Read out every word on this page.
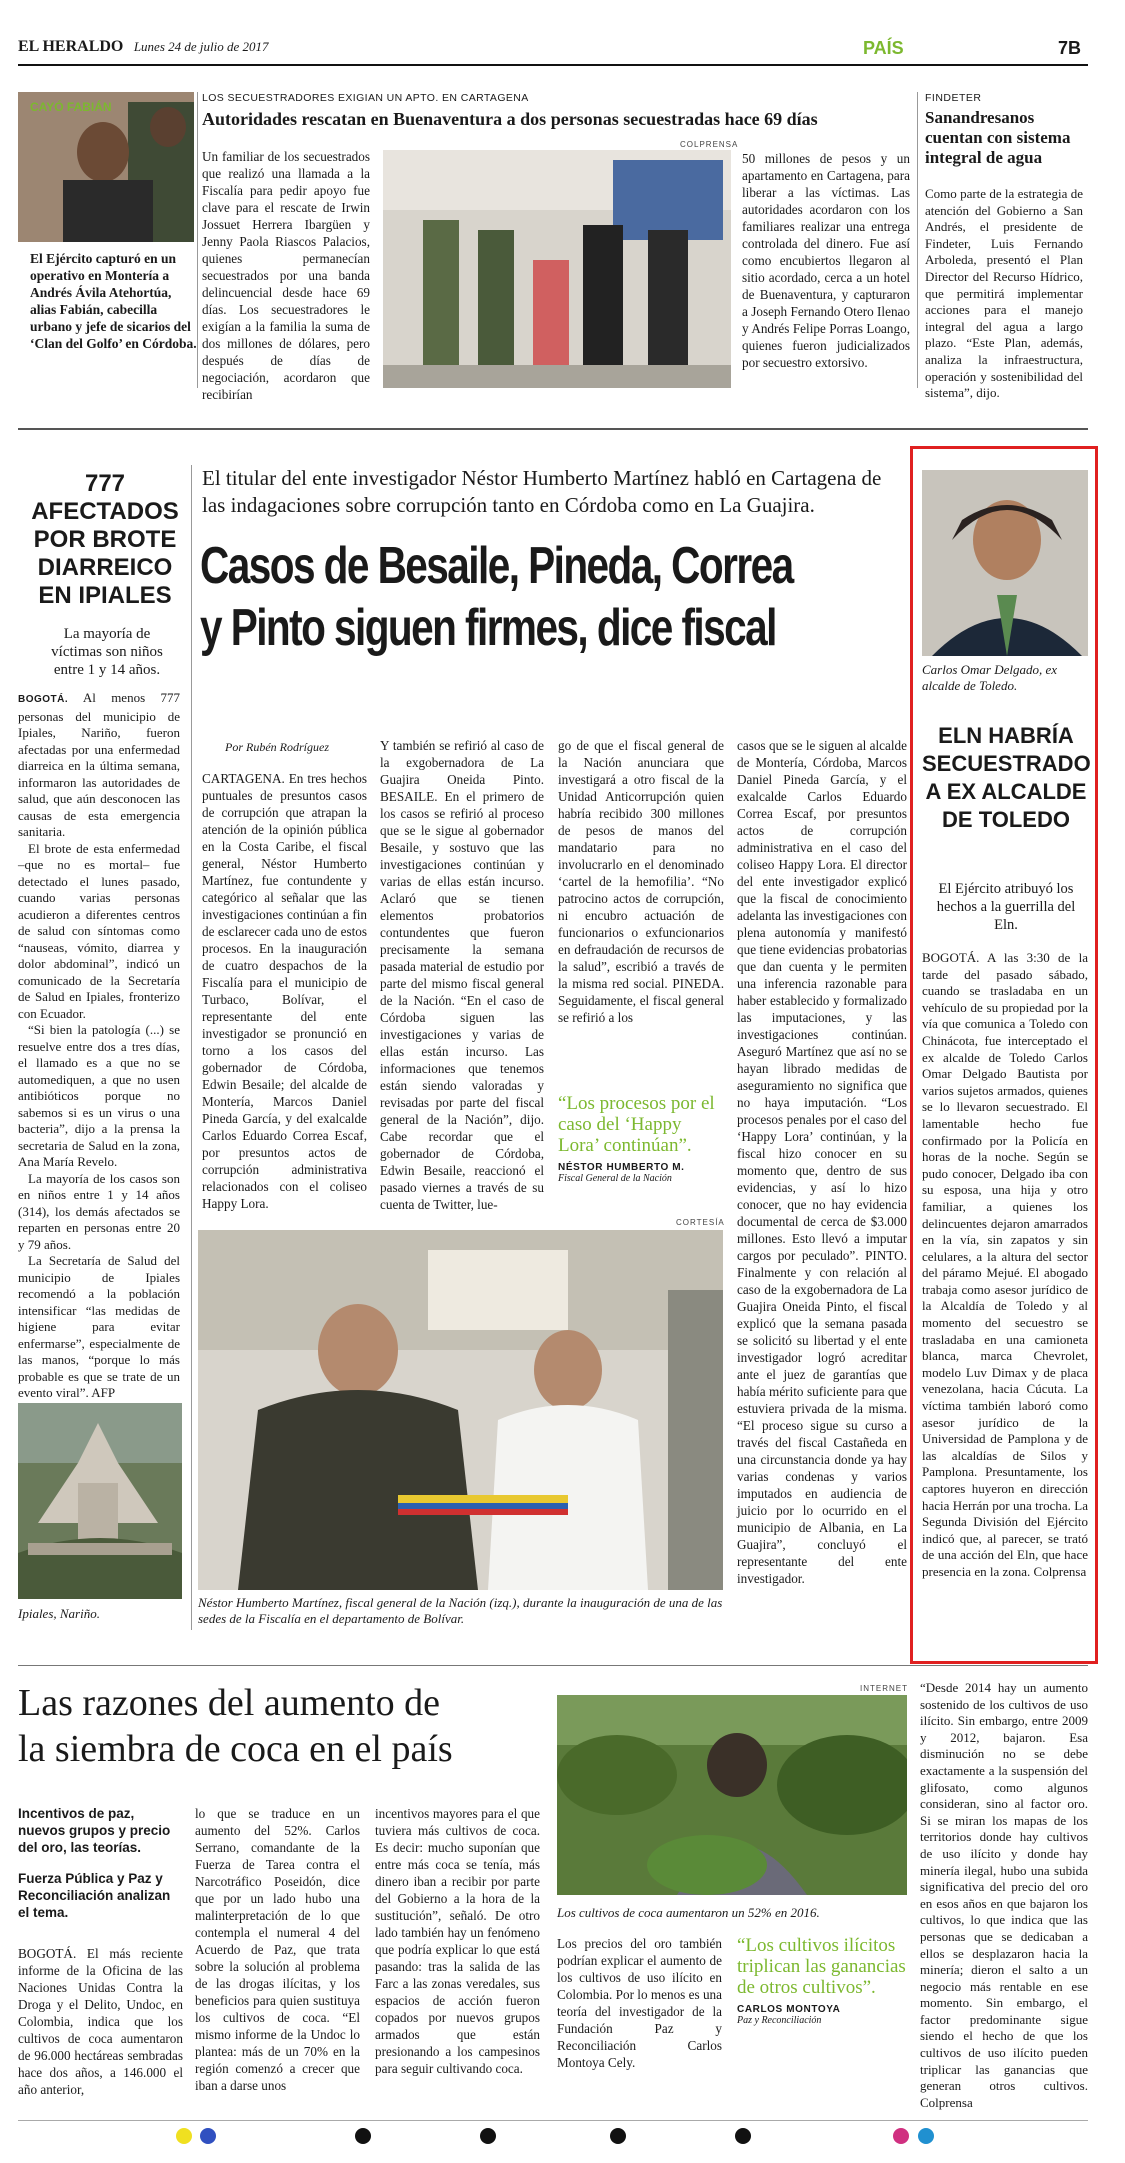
EL HERALDO Lunes 24 de julio de 2017	PAÍS	7B
CAYÓ FABIÁN
El Ejército capturó en un operativo en Montería a Andrés Ávila Atehortúa, alias Fabián, cabecilla urbano y jefe de sicarios del ‘Clan del Golfo’ en Córdoba.
LOS SECUESTRADORES EXIGIAN UN APTO. EN CARTAGENA
Autoridades rescatan en Buenaventura a dos personas secuestradas hace 69 días
Un familiar de los secuestrados que realizó una llamada a la Fiscalía para pedir apoyo fue clave para el rescate de Irwin Jossuet Herrera Ibargüen y Jenny Paola Riascos Palacios, quienes permanecían secuestrados por una banda delincuencial desde hace 69 días. Los secuestradores le exigían a la familia la suma de dos millones de dólares, pero después de días de negociación, acordaron que recibirían
COLPRENSA
50 millones de pesos y un apartamento en Cartagena, para liberar a las víctimas. Las autoridades acordaron con los familiares realizar una entrega controlada del dinero. Fue así como encubiertos llegaron al sitio acordado, cerca a un hotel de Buenaventura, y capturaron a Joseph Fernando Otero Ilenao y Andrés Felipe Porras Loango, quienes fueron judicializados por secuestro extorsivo.
FINDETER
Sanandresanos cuentan con sistema integral de agua
Como parte de la estrategia de atención del Gobierno a San Andrés, el presidente de Findeter, Luis Fernando Arboleda, presentó el Plan Director del Recurso Hídrico, que permitirá implementar acciones para el manejo integral del agua a largo plazo. “Este Plan, además, analiza la infraestructura, operación y sostenibilidad del sistema”, dijo.
777 AFECTADOS
POR BROTE
DIARREICO
EN IPIALES
La mayoría de víctimas son niños entre 1 y 14 años.

BOGOTÁ. Al menos 777 personas del municipio de Ipiales, Nariño, fueron afectadas por una enfermedad diarreica en la última semana, informaron las autoridades de salud, que aún desconocen las causas de esta emergencia sanitaria.

El brote de esta enfermedad –que no es mortal– fue detectado el lunes pasado, cuando varias personas acudieron a diferentes centros de salud con síntomas como “nauseas, vómito, diarrea y dolor abdominal”, indicó un comunicado de la Secretaría de Salud en Ipiales, fronterizo con Ecuador.

“Si bien la patología (...) se resuelve entre dos a tres días, el llamado es a que no se automediquen, a que no usen antibióticos porque no sabemos si es un virus o una bacteria”, dijo a la prensa la secretaria de Salud en la zona, Ana María Revelo.

La mayoría de los casos son en niños entre 1 y 14 años (314), los demás afectados se reparten en personas entre 20 y 79 años.

La Secretaría de Salud del municipio de Ipiales recomendó a la población intensificar “las medidas de higiene para evitar enfermarse”, especialmente de las manos, “porque lo más probable es que se trate de un evento viral”. AFP

Ipiales, Nariño.
El titular del ente investigador Néstor Humberto Martínez habló en Cartagena de las indagaciones sobre corrupción tanto en Córdoba como en La Guajira.
Casos de Besaile, Pineda, Correa
y Pinto siguen firmes, dice fiscal
Por Rubén Rodríguez
CARTAGENA. En tres hechos puntuales de presuntos casos de corrupción que atrapan la atención de la opinión pública en la Costa Caribe, el fiscal general, Néstor Humberto Martínez, fue contundente y categórico al señalar que las investigaciones continúan a fin de esclarecer cada uno de estos procesos. En la inauguración de cuatro despachos de la Fiscalía para el municipio de Turbaco, Bolívar, el representante del ente investigador se pronunció en torno a los casos del gobernador de Córdoba, Edwin Besaile; del alcalde de Montería, Marcos Daniel Pineda García, y del exalcalde Carlos Eduardo Correa Escaf, por presuntos actos de corrupción administrativa relacionados con el coliseo Happy Lora.
Y también se refirió al caso de la exgobernadora de La Guajira Oneida Pinto. BESAILE. En el primero de los casos se refirió al proceso que se le sigue al gobernador Besaile, y sostuvo que las investigaciones continúan y varias de ellas están incurso. Aclaró que se tienen elementos probatorios contundentes que fueron precisamente la semana pasada material de estudio por parte del mismo fiscal general de la Nación. “En el caso de Córdoba siguen las investigaciones y varias de ellas están incurso. Las informaciones que tenemos están siendo valoradas y revisadas por parte del fiscal general de la Nación”, dijo. Cabe recordar que el gobernador de Córdoba, Edwin Besaile, reaccionó el pasado viernes a través de su cuenta de Twitter, lue-
go de que el fiscal general de la Nación anunciara que investigará a otro fiscal de la Unidad Anticorrupción quien habría recibido 300 millones de pesos de manos del mandatario para no involucrarlo en el denominado ‘cartel de la hemofilia’. “No patrocino actos de corrupción, ni encubro actuación de funcionarios o exfuncionarios en defraudación de recursos de la salud”, escribió a través de la misma red social. PINEDA. Seguidamente, el fiscal general se refirió a los
“Los procesos por el caso del ‘Happy Lora’ continúan”.
NÉSTOR HUMBERTO M.
Fiscal General de la Nación
casos que se le siguen al alcalde de Montería, Córdoba, Marcos Daniel Pineda García, y el exalcalde Carlos Eduardo Correa Escaf, por presuntos actos de corrupción administrativa en el caso del coliseo Happy Lora. El director del ente investigador explicó que la fiscal de conocimiento adelanta las investigaciones con plena autonomía y manifestó que tiene evidencias probatorias que dan cuenta y le permiten una inferencia razonable para haber establecido y formalizado las imputaciones, y las investigaciones continúan. Aseguró Martínez que así no se hayan librado medidas de aseguramiento no significa que no haya imputación. “Los procesos penales por el caso del ‘Happy Lora’ continúan, y la fiscal hizo conocer en su momento que, dentro de sus evidencias, y así lo hizo conocer, que no hay evidencia documental de cerca de $3.000 millones. Esto llevó a imputar cargos por peculado”. PINTO. Finalmente y con relación al caso de la exgobernadora de La Guajira Oneida Pinto, el fiscal explicó que la semana pasada se solicitó su libertad y el ente investigador logró acreditar ante el juez de garantías que había mérito suficiente para que estuviera privada de la misma. “El proceso sigue su curso a través del fiscal Castañeda en una circunstancia donde ya hay varias condenas y varios imputados en audiencia de juicio por lo ocurrido en el municipio de Albania, en La Guajira”, concluyó el representante del ente investigador.
CORTESÍA
Néstor Humberto Martínez, fiscal general de la Nación (izq.), durante la inauguración de una de las sedes de la Fiscalía en el departamento de Bolívar.
Carlos Omar Delgado, ex alcalde de Toledo.
ELN HABRÍA
SECUESTRADO
A EX ALCALDE
DE TOLEDO
El Ejército atribuyó los hechos a la guerrilla del Eln.
BOGOTÁ. A las 3:30 de la tarde del pasado sábado, cuando se trasladaba en un vehículo de su propiedad por la vía que comunica a Toledo con Chinácota, fue interceptado el ex alcalde de Toledo Carlos Omar Delgado Bautista por varios sujetos armados, quienes se lo llevaron secuestrado. El lamentable hecho fue confirmado por la Policía en horas de la noche. Según se pudo conocer, Delgado iba con su esposa, una hija y otro familiar, a quienes los delincuentes dejaron amarrados en la vía, sin zapatos y sin celulares, a la altura del sector del páramo Mejué. El abogado trabaja como asesor jurídico de la Alcaldía de Toledo y al momento del secuestro se trasladaba en una camioneta blanca, marca Chevrolet, modelo Luv Dimax y de placa venezolana, hacia Cúcuta. La víctima también laboró como asesor jurídico de la Universidad de Pamplona y de las alcaldías de Silos y Pamplona. Presuntamente, los captores huyeron en dirección hacia Herrán por una trocha. La Segunda División del Ejército indicó que, al parecer, se trató de una acción del Eln, que hace presencia en la zona. Colprensa
Las razones del aumento de
la siembra de coca en el país
Incentivos de paz, nuevos grupos y precio del oro, las teorías.
Fuerza Pública y Paz y Reconciliación analizan el tema.
BOGOTÁ. El más reciente informe de la Oficina de las Naciones Unidas Contra la Droga y el Delito, Undoc, en Colombia, indica que los cultivos de coca aumentaron de 96.000 hectáreas sembradas hace dos años, a 146.000 el año anterior,
lo que se traduce en un aumento del 52%. Carlos Serrano, comandante de la Fuerza de Tarea contra el Narcotráfico Poseidón, dice que por un lado hubo una malinterpretación de lo que contempla el numeral 4 del Acuerdo de Paz, que trata sobre la solución al problema de las drogas ilícitas, y los beneficios para quien sustituya los cultivos de coca. “El mismo informe de la Undoc lo plantea: más de un 70% en la región comenzó a crecer que iban a darse unos
incentivos mayores para el que tuviera más cultivos de coca. Es decir: mucho suponían que entre más coca se tenía, más dinero iban a recibir por parte del Gobierno a la hora de la sustitución”, señaló. De otro lado también hay un fenómeno que podría explicar lo que está pasando: tras la salida de las Farc a las zonas veredales, sus espacios de acción fueron copados por nuevos grupos armados que están presionando a los campesinos para seguir cultivando coca.
INTERNET
Los cultivos de coca aumentaron un 52% en 2016.
Los precios del oro también podrían explicar el aumento de los cultivos de uso ilícito en Colombia. Por lo menos es una teoría del investigador de la Fundación Paz y Reconciliación Carlos Montoya Cely.
“Los cultivos ilícitos triplican las ganancias de otros cultivos”.
CARLOS MONTOYA
Paz y Reconciliación
“Desde 2014 hay un aumento sostenido de los cultivos de uso ilícito. Sin embargo, entre 2009 y 2012, bajaron. Esa disminución no se debe exactamente a la suspensión del glifosato, como algunos consideran, sino al factor oro. Si se miran los mapas de los territorios donde hay cultivos de uso ilícito y donde hay minería ilegal, hubo una subida significativa del precio del oro en esos años en que bajaron los cultivos, lo que indica que las personas que se dedicaban a ellos se desplazaron hacia la minería; dieron el salto a un negocio más rentable en ese momento. Sin embargo, el factor predominante sigue siendo el hecho de que los cultivos de uso ilícito pueden triplicar las ganancias que generan otros cultivos. Colprensa
